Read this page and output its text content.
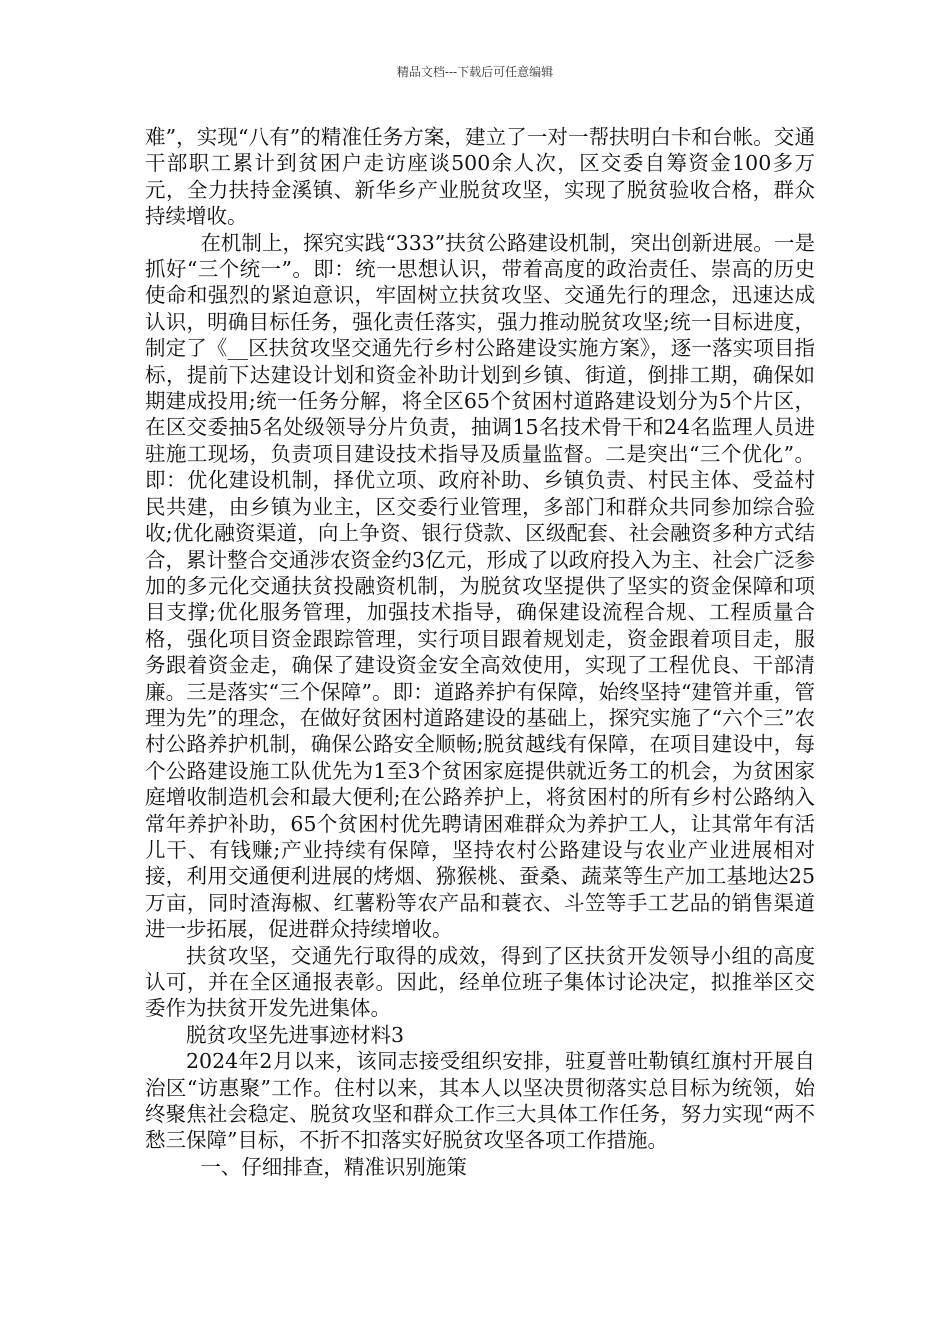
精品文档---下载后可任意编辑

难”，实现“八有”的精准任务方案，建立了一对一帮扶明白卡和台帐。交通干部职工累计到贫困户走访座谈500余人次，区交委自筹资金100多万元，全力扶持金溪镇、新华乡产业脱贫攻坚，实现了脱贫验收合格，群众持续增收。

在机制上，探究实践“333”扶贫公路建设机制，突出创新进展。一是抓好“三个统一”。即：统一思想认识，带着高度的政治责任、崇高的历史使命和强烈的紧迫意识，牢固树立扶贫攻坚、交通先行的理念，迅速达成认识，明确目标任务，强化责任落实，强力推动脱贫攻坚;统一目标进度，制定了《__区扶贫攻坚交通先行乡村公路建设实施方案》，逐一落实项目指标，提前下达建设计划和资金补助计划到乡镇、街道，倒排工期，确保如期建成投用;统一任务分解，将全区65个贫困村道路建设划分为5个片区，在区交委抽5名处级领导分片负责，抽调15名技术骨干和24名监理人员进驻施工现场，负责项目建设技术指导及质量监督。二是突出“三个优化”。即：优化建设机制，择优立项、政府补助、乡镇负责、村民主体、受益村民共建，由乡镇为业主，区交委行业管理，多部门和群众共同参加综合验收;优化融资渠道，向上争资、银行贷款、区级配套、社会融资多种方式结合，累计整合交通涉农资金约3亿元，形成了以政府投入为主、社会广泛参加的多元化交通扶贫投融资机制，为脱贫攻坚提供了坚实的资金保障和项目支撑;优化服务管理，加强技术指导，确保建设流程合规、工程质量合格，强化项目资金跟踪管理，实行项目跟着规划走，资金跟着项目走，服务跟着资金走，确保了建设资金安全高效使用，实现了工程优良、干部清廉。三是落实“三个保障”。即：道路养护有保障，始终坚持“建管并重，管理为先”的理念，在做好贫困村道路建设的基础上，探究实施了“六个三”农村公路养护机制，确保公路安全顺畅;脱贫越线有保障，在项目建设中，每个公路建设施工队优先为1至3个贫困家庭提供就近务工的机会，为贫困家庭增收制造机会和最大便利;在公路养护上，将贫困村的所有乡村公路纳入常年养护补助，65个贫困村优先聘请困难群众为养护工人，让其常年有活儿干、有钱赚;产业持续有保障，坚持农村公路建设与农业产业进展相对接，利用交通便利进展的烤烟、猕猴桃、蚕桑、蔬菜等生产加工基地达25万亩，同时渣海椒、红薯粉等农产品和蓑衣、斗笠等手工艺品的销售渠道进一步拓展，促进群众持续增收。

扶贫攻坚，交通先行取得的成效，得到了区扶贫开发领导小组的高度认可，并在全区通报表彰。因此，经单位班子集体讨论决定，拟推举区交委作为扶贫开发先进集体。

脱贫攻坚先进事迹材料3

2024年2月以来，该同志接受组织安排，驻夏普吐勒镇红旗村开展自治区“访惠聚”工作。住村以来，其本人以坚决贯彻落实总目标为统领，始终聚焦社会稳定、脱贫攻坚和群众工作三大具体工作任务，努力实现“两不愁三保障”目标，不折不扣落实好脱贫攻坚各项工作措施。

一、仔细排查，精准识别施策
